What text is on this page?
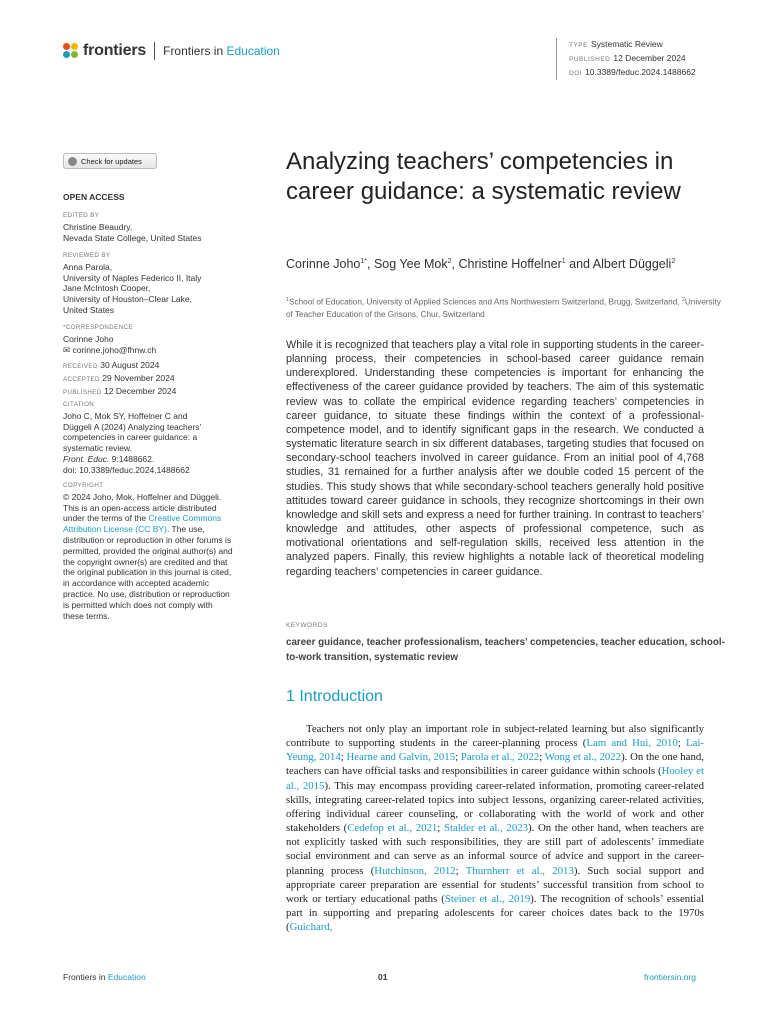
frontiers Frontiers in Education	TYPE Systematic Review
PUBLISHED 12 December 2024
DOI 10.3389/feduc.2024.1488662
Check for updates
OPEN ACCESS
EDITED BY
Christine Beaudry,
Nevada State College, United States
REVIEWED BY
Anna Parola,
University of Naples Federico II, Italy
Jane McIntosh Cooper,
University of Houston–Clear Lake,
United States
*CORRESPONDENCE
Corinne Joho
✉ corinne.joho@fhnw.ch
RECEIVED 30 August 2024
ACCEPTED 29 November 2024
PUBLISHED 12 December 2024
CITATION
Joho C, Mok SY, Hoffelner C and
Düggeli A (2024) Analyzing teachers’
competencies in career guidance: a
systematic review.
Front. Educ. 9:1488662.
doi: 10.3389/feduc.2024.1488662
COPYRIGHT
© 2024 Joho, Mok, Hoffelner and Düggeli.
This is an open-access article distributed
under the terms of the Creative Commons
Attribution License (CC BY). The use,
distribution or reproduction in other forums is
permitted, provided the original author(s) and
the copyright owner(s) are credited and that
the original publication in this journal is cited,
in accordance with accepted academic
practice. No use, distribution or reproduction
is permitted which does not comply with
these terms.
Analyzing teachers’ competencies in career guidance: a systematic review
Corinne Joho$^{1*}$, Sog Yee Mok$^2$, Christine Hoffelner$^1$ and Albert Düggeli$^2$
$^1$School of Education, University of Applied Sciences and Arts Northwestern Switzerland, Brugg, Switzerland, $^2$University of Teacher Education of the Grisons, Chur, Switzerland
While it is recognized that teachers play a vital role in supporting students in the career-planning process, their competencies in school-based career guidance remain underexplored. Understanding these competencies is important for enhancing the effectiveness of the career guidance provided by teachers. The aim of this systematic review was to collate the empirical evidence regarding teachers’ competencies in career guidance, to situate these findings within the context of a professional-competence model, and to identify significant gaps in the research. We conducted a systematic literature search in six different databases, targeting studies that focused on secondary-school teachers involved in career guidance. From an initial pool of 4,768 studies, 31 remained for a further analysis after we double coded 15 percent of the studies. This study shows that while secondary-school teachers generally hold positive attitudes toward career guidance in schools, they recognize shortcomings in their own knowledge and skill sets and express a need for further training. In contrast to teachers’ knowledge and attitudes, other aspects of professional competence, such as motivational orientations and self-regulation skills, received less attention in the analyzed papers. Finally, this review highlights a notable lack of theoretical modeling regarding teachers’ competencies in career guidance.
KEYWORDS
career guidance, teacher professionalism, teachers’ competencies, teacher education, school-to-work transition, systematic review
1 Introduction

Teachers not only play an important role in subject-related learning but also significantly contribute to supporting students in the career-planning process (Lam and Hui, 2010; Lai-Yeung, 2014; Hearne and Galvin, 2015; Parola et al., 2022; Wong et al., 2022). On the one hand, teachers can have official tasks and responsibilities in career guidance within schools (Hooley et al., 2015). This may encompass providing career-related information, promoting career-related skills, integrating career-related topics into subject lessons, organizing career-related activities, offering individual career counseling, or collaborating with the world of work and other stakeholders (Cedefop et al., 2021; Stalder et al., 2023). On the other hand, when teachers are not explicitly tasked with such responsibilities, they are still part of adolescents’ immediate social environment and can serve as an informal source of advice and support in the career-planning process (Hutchinson, 2012; Thurnherr et al., 2013). Such social support and appropriate career preparation are essential for students’ successful transition from school to work or tertiary educational paths (Steiner et al., 2019). The recognition of schools’ essential part in supporting and preparing adolescents for career choices dates back to the 1970s (Guichard,

Frontiers in Education	01	frontiersin.org
